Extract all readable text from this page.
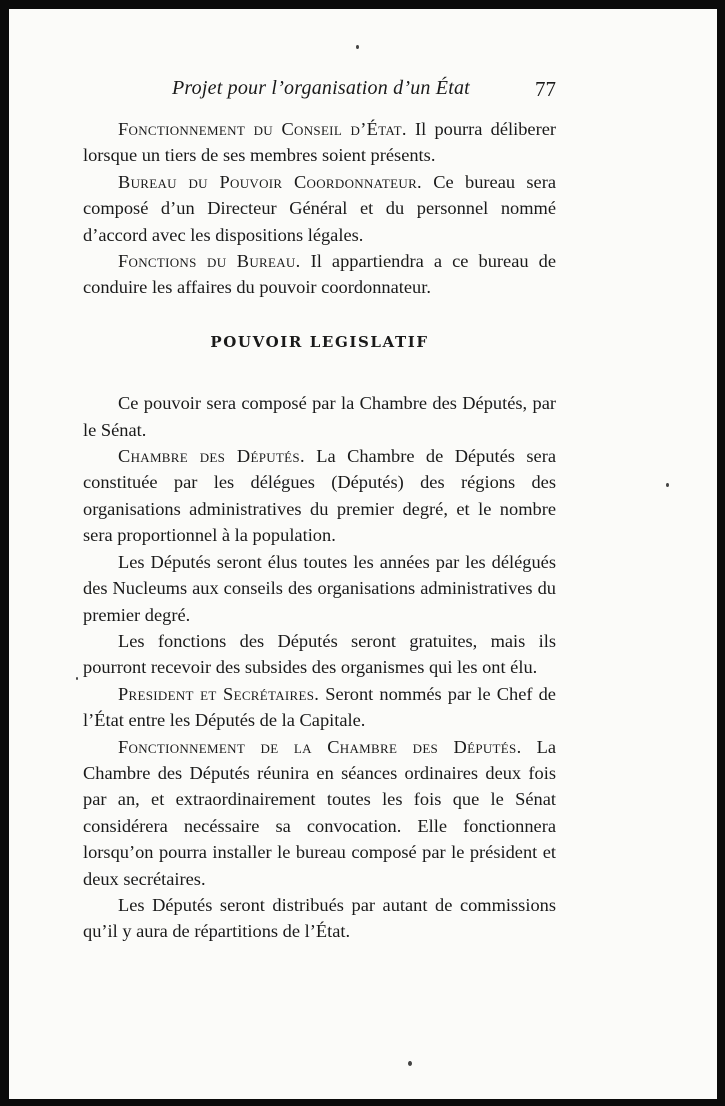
Projet pour l’organisation d’un État	77

Fonctionnement du Conseil d’État. Il pourra déliberer lorsque un tiers de ses membres soient présents.

Bureau du Pouvoir Coordonnateur. Ce bureau sera composé d’un Directeur Général et du personnel nommé d’accord avec les dispositions légales.

Fonctions du Bureau. Il appartiendra a ce bureau de conduire les affaires du pouvoir coordonnateur.

POUVOIR LEGISLATIF

Ce pouvoir sera composé par la Chambre des Députés, par le Sénat.

Chambre des Députés. La Chambre de Députés sera constituée par les délégues (Députés) des régions des organisations administratives du premier degré, et le nombre sera proportionnel à la population.

Les Députés seront élus toutes les années par les délégués des Nucleums aux conseils des organisations administratives du premier degré.

Les fonctions des Députés seront gratuites, mais ils pourront recevoir des subsides des organismes qui les ont élu.

President et Secrétaires. Seront nommés par le Chef de l’État entre les Députés de la Capitale.

Fonctionnement de la Chambre des Députés. La Chambre des Députés réunira en séances ordinaires deux fois par an, et extraordinairement toutes les fois que le Sénat considérera necéssaire sa convocation. Elle fonctionnera lorsqu’on pourra installer le bureau composé par le président et deux secrétaires.

Les Députés seront distribués par autant de commissions qu’il y aura de répartitions de l’État.
